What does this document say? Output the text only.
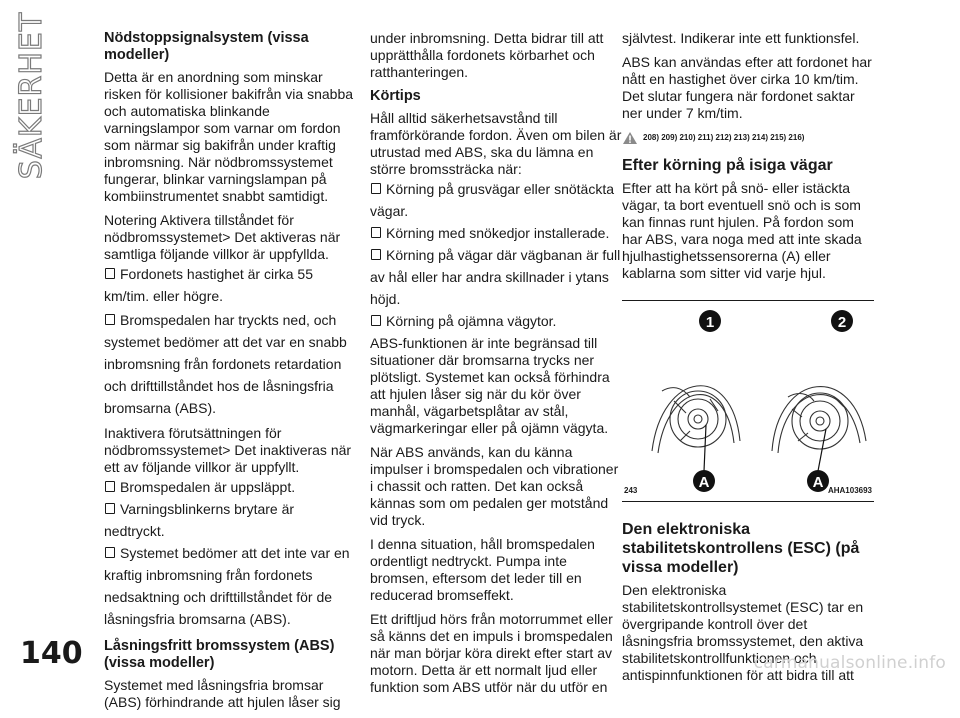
SÄKERHET	Nödstoppsignalsystem (vissa modeller)

Detta är en anordning som minskar risken för kollisioner bakifrån via snabba och automatiska blinkande varningslampor som varnar om fordon som närmar sig bakifrån under kraftig inbromsning. När nödbromssystemet fungerar, blinkar varningslampan på kombiinstrumentet snabbt samtidigt.

Notering Aktivera tillståndet för nödbromssystemet> Det aktiveras när samtliga följande villkor är uppfyllda.

Fordonets hastighet är cirka 55 km/tim. eller högre.
Bromspedalen har tryckts ned, och systemet bedömer att det var en snabb inbromsning från fordonets retardation och drifttillståndet hos de låsningsfria bromsarna (ABS).

Inaktivera förutsättningen för nödbromssystemet> Det inaktiveras när ett av följande villkor är uppfyllt.

Bromspedalen är uppsläppt.
Varningsblinkerns brytare är nedtryckt.
Systemet bedömer att det inte var en kraftig inbromsning från fordonets nedsaktning och drifttillståndet för de låsningsfria bromsarna (ABS).
Låsningsfritt bromssystem (ABS) (vissa modeller)

Systemet med låsningsfria bromsar (ABS) förhindrande att hjulen låser sig

under inbromsning. Detta bidrar till att upprätthålla fordonets körbarhet och ratthanteringen.

Körtips

Håll alltid säkerhetsavstånd till framförkörande fordon. Även om bilen är utrustad med ABS, ska du lämna en större bromssträcka när:

Körning på grusvägar eller snötäckta vägar.
Körning med snökedjor installerade.
Körning på vägar där vägbanan är full av hål eller har andra skillnader i ytans höjd.
Körning på ojämna vägytor.

ABS-funktionen är inte begränsad till situationer där bromsarna trycks ner plötsligt. Systemet kan också förhindra att hjulen låser sig när du kör över manhål, vägarbetsplåtar av stål, vägmarkeringar eller på ojämn vägyta.

När ABS används, kan du känna impulser i bromspedalen och vibrationer i chassit och ratten. Det kan också kännas som om pedalen ger motstånd vid tryck.

I denna situation, håll bromspedalen ordentligt nedtryckt. Pumpa inte bromsen, eftersom det leder till en reducerad bromseffekt.

Ett driftljud hörs från motorrummet eller så känns det en impuls i bromspedalen när man börjar köra direkt efter start av motorn. Detta är ett normalt ljud eller funktion som ABS utför när du utför en

självtest. Indikerar inte ett funktionsfel.

ABS kan användas efter att fordonet har nått en hastighet över cirka 10 km/tim. Det slutar fungera när fordonet saktar ner under 7 km/tim.

208) 209) 210) 211) 212) 213) 214) 215) 216)
Efter körning på isiga vägar

Efter att ha kört på snö- eller istäckta vägar, ta bort eventuell snö och is som kan finnas runt hjulen. På fordon som har ABS, vara noga med att inte skada hjulhastighetssensorerna (A) eller kablarna som sitter vid varje hjul.

1	2
A	A
243	AHA103693
Den elektroniska stabilitetskontrollens (ESC) (på vissa modeller)

Den elektroniska stabilitetskontrollsystemet (ESC) tar en övergripande kontroll över det låsningsfria bromssystemet, den aktiva stabilitetskontrollfunktionen och antispinnfunktionen för att bidra till att

140	carmanualsonline.info
